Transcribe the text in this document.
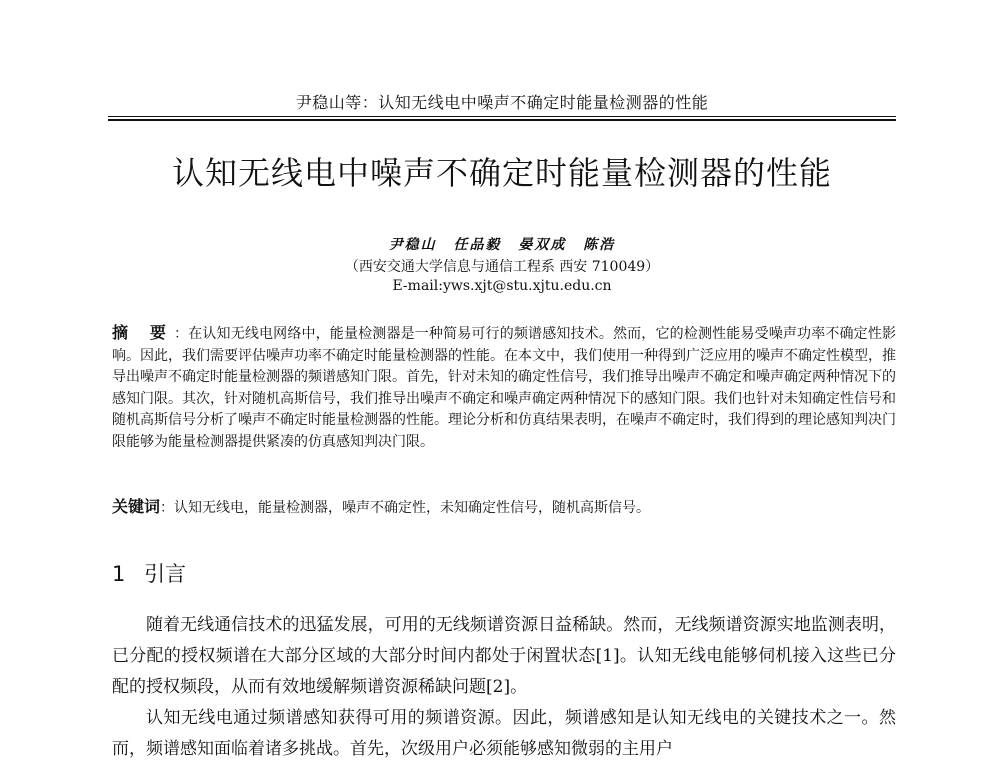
尹稳山等：认知无线电中噪声不确定时能量检测器的性能
认知无线电中噪声不确定时能量检测器的性能
尹稳山 任品毅 晏双成 陈浩
（西安交通大学信息与通信工程系 西安 710049）
E-mail:yws.xjt@stu.xjtu.edu.cn
摘 要：在认知无线电网络中，能量检测器是一种简易可行的频谱感知技术。然而，它的检测性能易受噪声功率不确定性影响。因此，我们需要评估噪声功率不确定时能量检测器的性能。在本文中，我们使用一种得到广泛应用的噪声不确定性模型，推导出噪声不确定时能量检测器的频谱感知门限。首先，针对未知的确定性信号，我们推导出噪声不确定和噪声确定两种情况下的感知门限。其次，针对随机高斯信号，我们推导出噪声不确定和噪声确定两种情况下的感知门限。我们也针对未知确定性信号和随机高斯信号分析了噪声不确定时能量检测器的性能。理论分析和仿真结果表明，在噪声不确定时，我们得到的理论感知判决门限能够为能量检测器提供紧凑的仿真感知判决门限。
关键词：认知无线电，能量检测器，噪声不确定性，未知确定性信号，随机高斯信号。
1 引言

随着无线通信技术的迅猛发展，可用的无线频谱资源日益稀缺。然而，无线频谱资源实地监测表明，已分配的授权频谱在大部分区域的大部分时间内都处于闲置状态[1]。认知无线电能够伺机接入这些已分配的授权频段，从而有效地缓解频谱资源稀缺问题[2]。

认知无线电通过频谱感知获得可用的频谱资源。因此，频谱感知是认知无线电的关键技术之一。然而，频谱感知面临着诸多挑战。首先，次级用户必须能够感知微弱的主用户
